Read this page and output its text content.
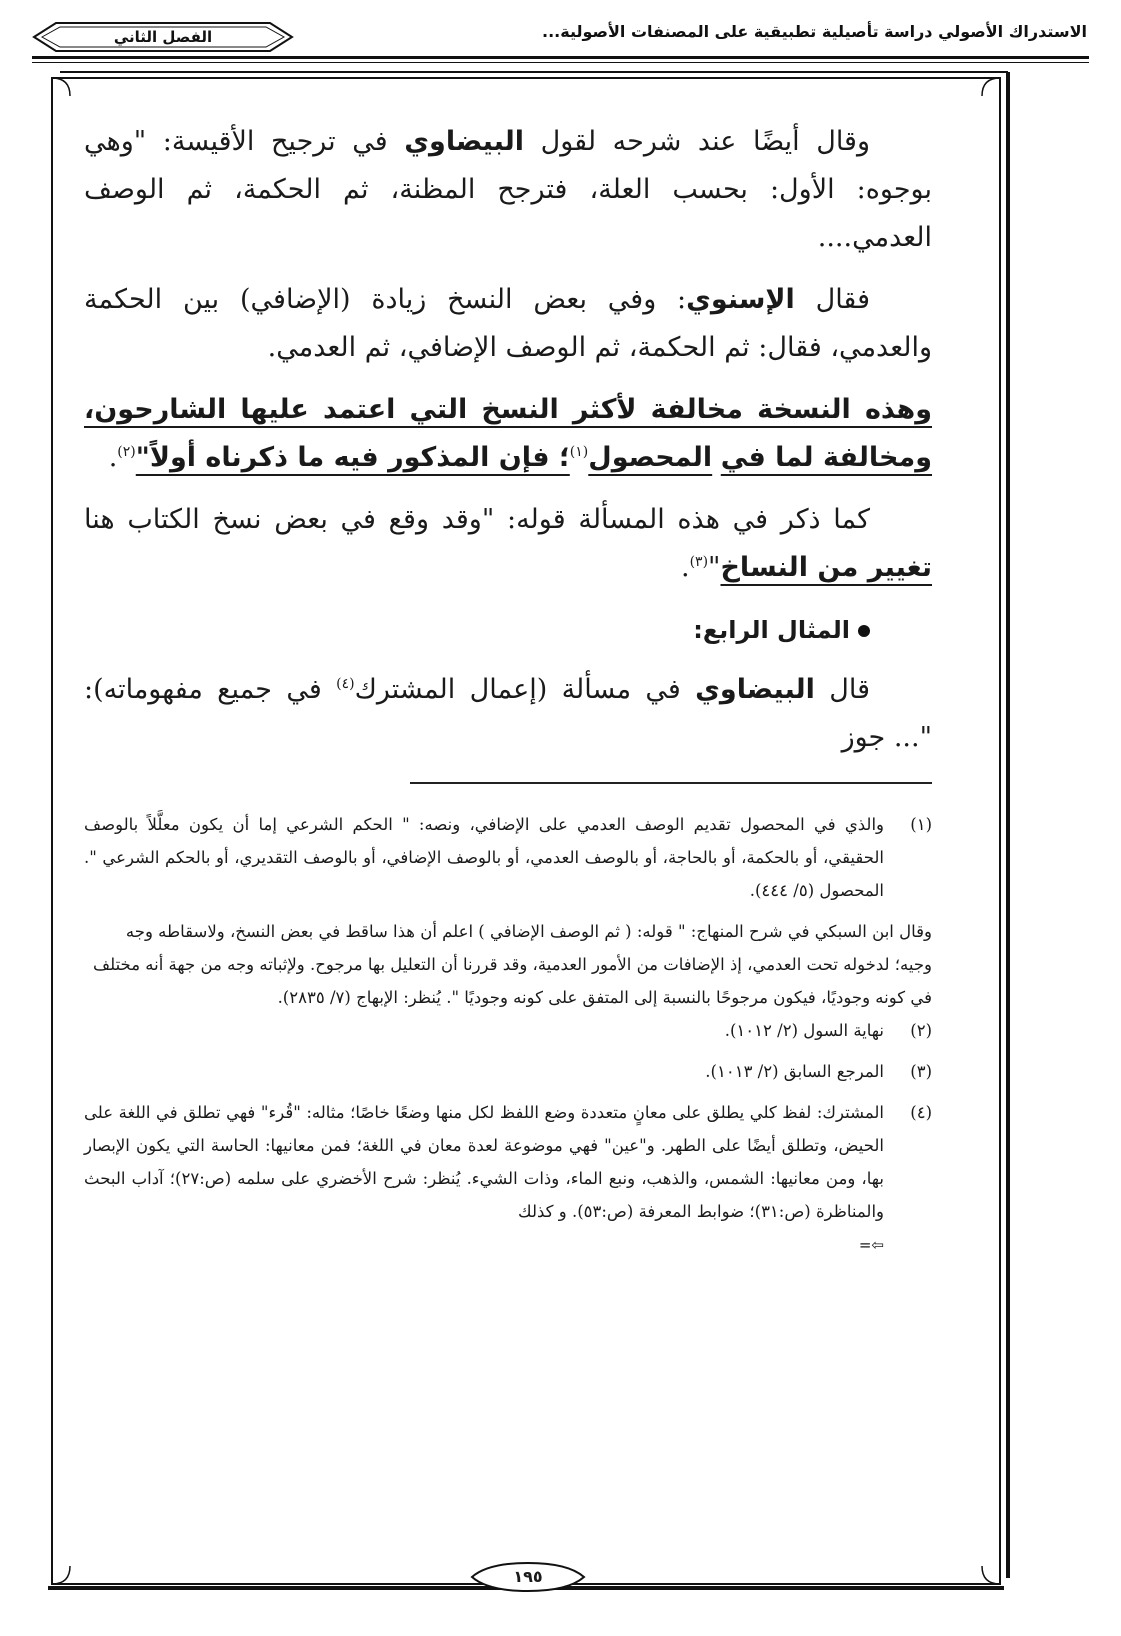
الاستدراك الأصولي دراسة تأصيلية تطبيقية على المصنفات الأصولية...
الفصل الثاني

وقال أيضًا عند شرحه لقول البيضاوي في ترجيح الأقيسة: "وهي بوجوه: الأول: بحسب العلة، فترجح المظنة، ثم الحكمة، ثم الوصف العدمي....

فقال الإسنوي: وفي بعض النسخ زيادة (الإضافي) بين الحكمة والعدمي، فقال: ثم الحكمة، ثم الوصف الإضافي، ثم العدمي.

وهذه النسخة مخالفة لأكثر النسخ التي اعتمد عليها الشارحون، ومخالفة لما في المحصول$^{(١)}$؛ فإن المذكور فيه ما ذكرناه أولاً"$^{(٢)}$.

كما ذكر في هذه المسألة قوله: "وقد وقع في بعض نسخ الكتاب هنا تغيير من النساخ"$^{(٣)}$.

المثال الرابع:

قال البيضاوي في مسألة (إعمال المشترك$^{(٤)}$ في جميع مفهوماته): "... جوز

(١)
والذي في المحصول تقديم الوصف العدمي على الإضافي، ونصه: " الحكم الشرعي إما أن يكون معلَّلاً بالوصف الحقيقي، أو بالحكمة، أو بالحاجة، أو بالوصف العدمي، أو بالوصف الإضافي، أو بالوصف التقديري، أو بالحكم الشرعي ". المحصول (٥/ ٤٤٤).
وقال ابن السبكي في شرح المنهاج: " قوله: ( ثم الوصف الإضافي ) اعلم أن هذا ساقط في بعض النسخ، ولاسقاطه وجه وجيه؛ لدخوله تحت العدمي، إذ الإضافات من الأمور العدمية، وقد قررنا أن التعليل بها مرجوح. ولإثباته وجه من جهة أنه مختلف في كونه وجوديًا، فيكون مرجوحًا بالنسبة إلى المتفق على كونه وجوديًا ". يُنظر: الإبهاج (٧/ ٢٨٣٥).
(٢)
نهاية السول (٢/ ١٠١٢).
(٣)
المرجع السابق (٢/ ١٠١٣).
(٤)
المشترك: لفظ كلي يطلق على معانٍ متعددة وضع اللفظ لكل منها وضعًا خاصًا؛ مثاله: "قُرء" فهي تطلق في اللغة على الحيض، وتطلق أيضًا على الطهر. و"عين" فهي موضوعة لعدة معان في اللغة؛ فمن معانيها: الحاسة التي يكون الإبصار بها، ومن معانيها: الشمس، والذهب، ونبع الماء، وذات الشيء. يُنظر: شرح الأخضري على سلمه (ص:٢٧)؛ آداب البحث والمناظرة (ص:٣١)؛ ضوابط المعرفة (ص:٥٣). و كذلك
⇦=
١٩٥
